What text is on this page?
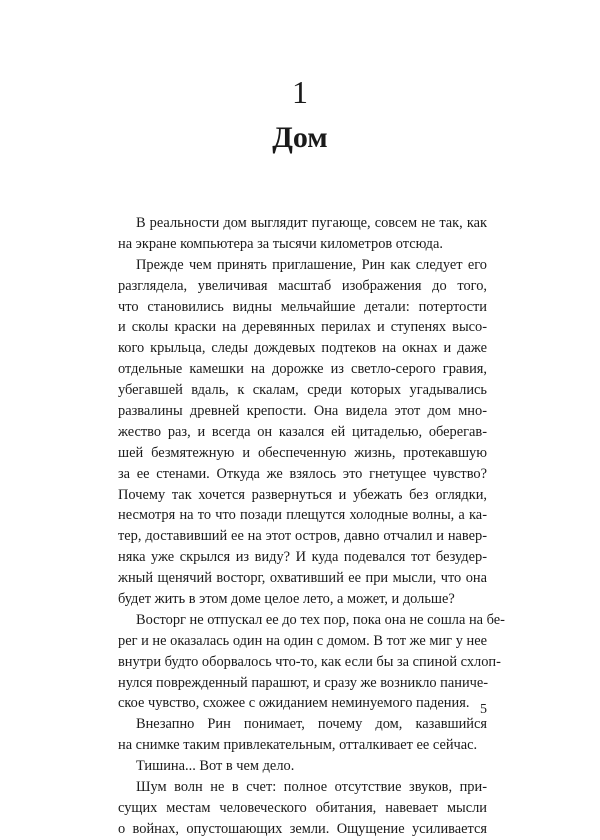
1
Дом
В реальности дом выглядит пугающе, совсем не так, как
на экране компьютера за тысячи километров отсюда.
Прежде чем принять приглашение, Рин как следует его
разглядела, увеличивая масштаб изображения до того,
что становились видны мельчайшие детали: потертости
и сколы краски на деревянных перилах и ступенях высо-
кого крыльца, следы дождевых подтеков на окнах и даже
отдельные камешки на дорожке из светло-серого гравия,
убегавшей вдаль, к скалам, среди которых угадывались
развалины древней крепости. Она видела этот дом мно-
жество раз, и всегда он казался ей цитаделью, оберегав-
шей безмятежную и обеспеченную жизнь, протекавшую
за ее стенами. Откуда же взялось это гнетущее чувство?
Почему так хочется развернуться и убежать без оглядки,
несмотря на то что позади плещутся холодные волны, а ка-
тер, доставивший ее на этот остров, давно отчалил и навер-
няка уже скрылся из виду? И куда подевался тот безудер-
жный щенячий восторг, охвативший ее при мысли, что она
будет жить в этом доме целое лето, а может, и дольше?
Восторг не отпускал ее до тех пор, пока она не сошла на бе-
рег и не оказалась один на один с домом. В тот же миг у нее
внутри будто оборвалось что-то, как если бы за спиной схлоп-
нулся поврежденный парашют, и сразу же возникло паниче-
ское чувство, схожее с ожиданием неминуемого падения.
Внезапно Рин понимает, почему дом, казавшийся
на снимке таким привлекательным, отталкивает ее сейчас.
Тишина... Вот в чем дело.
Шум волн не в счет: полное отсутствие звуков, при-
сущих местам человеческого обитания, навевает мысли
о войнах, опустошающих земли. Ощущение усиливается
5
